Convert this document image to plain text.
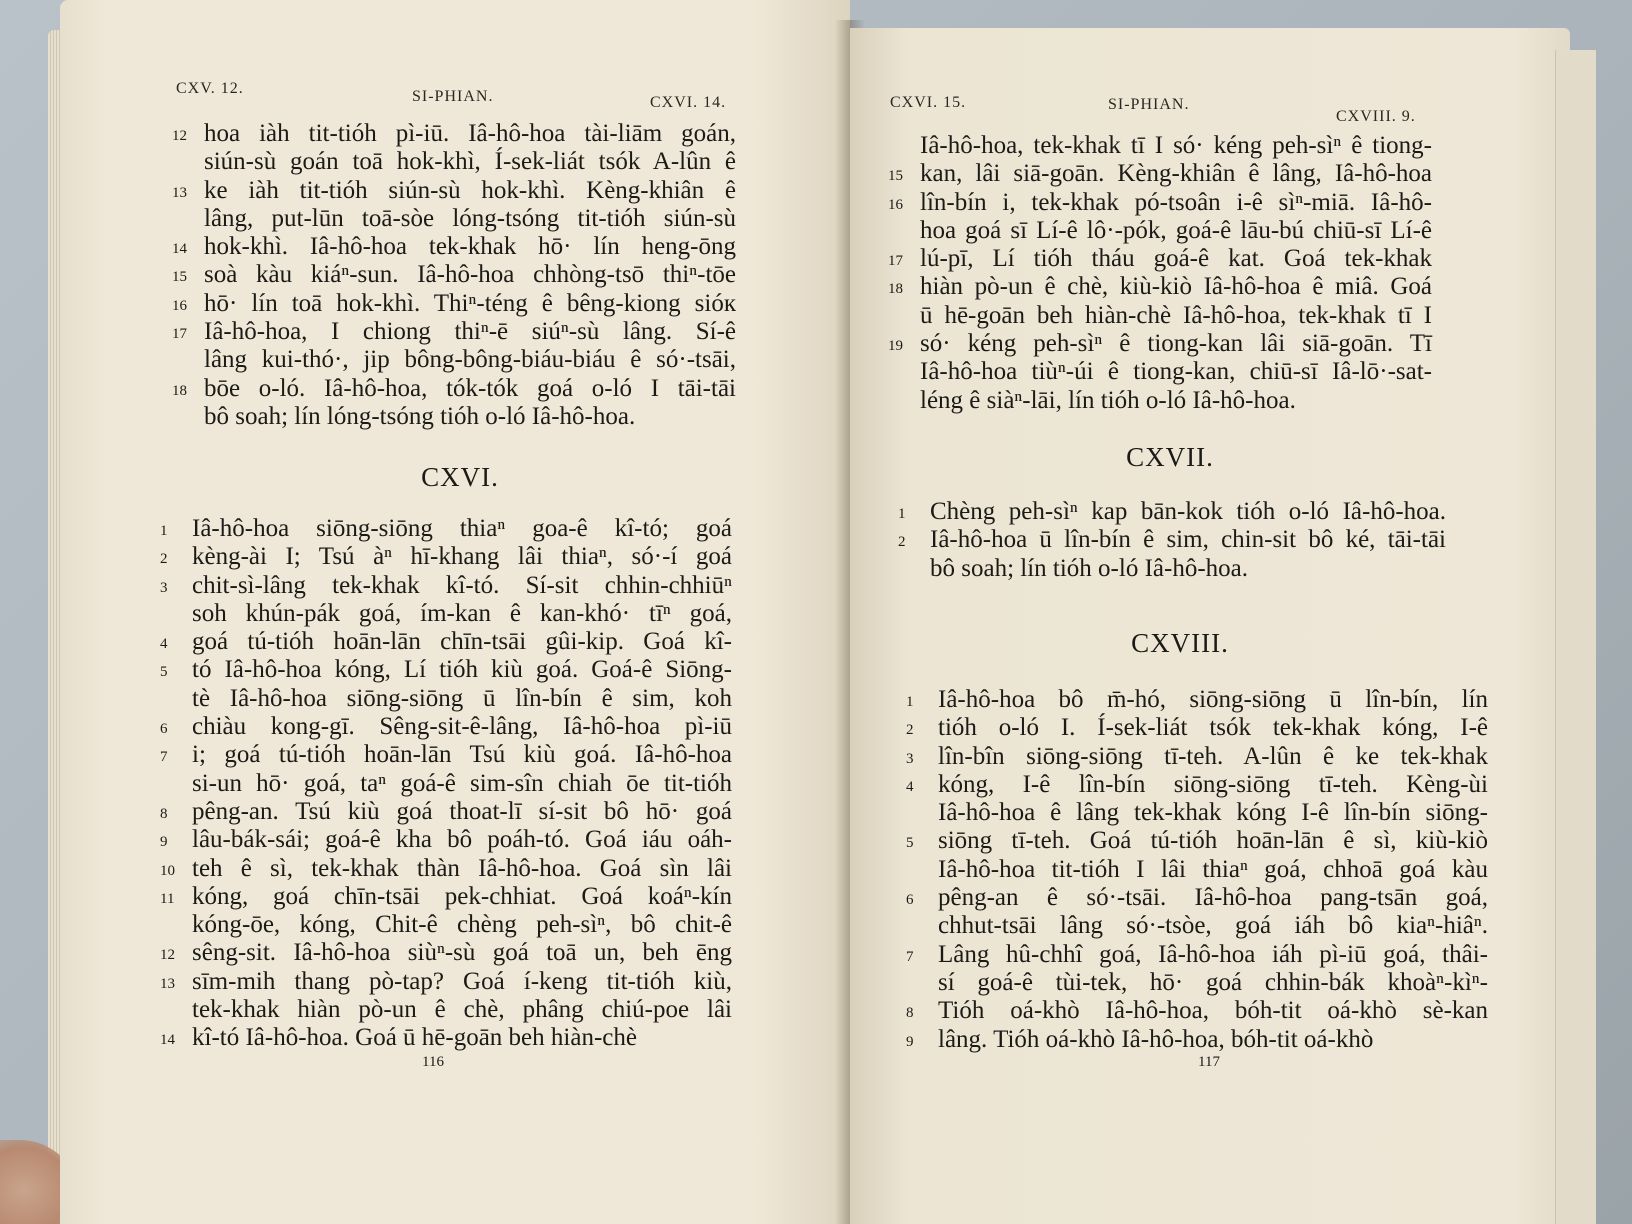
CXV. 12.	SI-PHIAN.	CXVI. 14.
12 hoa iàh tit-tióh pì-iū. Iâ-hô-hoa tài-liām goán,
siún-sù goán toā hok-khì, Í-sek-liát tsók A-lûn ê
13 ke iàh tit-tióh siún-sù hok-khì. Kèng-khiân ê
lâng, put-lūn toā-sòe lóng-tsóng tit-tióh siún-sù
14 hok-khì. Iâ-hô-hoa tek-khak hō· lín heng-ōng
15 soà kàu kiáⁿ-sun. Iâ-hô-hoa chhòng-tsō thiⁿ-tōe
16 hō· lín toā hok-khì. Thiⁿ-téng ê bêng-kiong sióк
17 Iâ-hô-hoa, I chiong thiⁿ-ē siúⁿ-sù lâng. Sí-ê
lâng kui-thó·, jip bông-bông-biáu-biáu ê só·-tsāi,
18 bōe o-ló. Iâ-hô-hoa, tók-tók goá o-ló I tāi-tāi
bô soah; lín lóng-tsóng tióh o-ló Iâ-hô-hoa.
CXVI.
1 Iâ-hô-hoa siōng-siōng thiaⁿ goa-ê kî-tó; goá
2 kèng-ài I; Tsú àⁿ hī-khang lâi thiaⁿ, só·-í goá
3 chit-sì-lâng tek-khak kî-tó. Sí-sit chhin-chhiūⁿ
soh khún-pák goá, ím-kan ê kan-khó· tīⁿ goá,
4 goá tú-tióh hoān-lān chīn-tsāi gûi-kip. Goá kî-
5 tó Iâ-hô-hoa kóng, Lí tióh kiù goá. Goá-ê Siōng-
tè Iâ-hô-hoa siōng-siōng ū lîn-bín ê sim, koh
6 chiàu kong-gī. Sêng-sit-ê-lâng, Iâ-hô-hoa pì-iū
7 i; goá tú-tióh hoān-lān Tsú kiù goá. Iâ-hô-hoa
si-un hō· goá, taⁿ goá-ê sim-sîn chiah ōe tit-tióh
8 pêng-an. Tsú kiù goá thoat-lī sí-sit bô hō· goá
9 lâu-bák-sái; goá-ê kha bô poáh-tó. Goá iáu oáh-
10 teh ê sì, tek-khak thàn Iâ-hô-hoa. Goá sìn lâi
11 kóng, goá chīn-tsāi pek-chhiat. Goá koáⁿ-kín
kóng-ōe, kóng, Chit-ê chèng peh-sìⁿ, bô chit-ê
12 sêng-sit. Iâ-hô-hoa siùⁿ-sù goá toā un, beh ēng
13 sīm-mih thang pò-tap? Goá í-keng tit-tióh kiù,
tek-khak hiàn pò-un ê chè, phâng chiú-poe lâi
14 kî-tó Iâ-hô-hoa. Goá ū hē-goān beh hiàn-chè
116
CXVI. 15.	SI-PHIAN.
CXVIII. 9.
Iâ-hô-hoa, tek-khak tī I só· kéng peh-sìⁿ ê tiong-
15 kan, lâi siā-goān. Kèng-khiân ê lâng, Iâ-hô-hoa
16 lîn-bín i, tek-khak pó-tsoân i-ê sìⁿ-miā. Iâ-hô-
hoa goá sī Lí-ê lô·-pók, goá-ê lāu-bú chiū-sī Lí-ê
17 lú-pī, Lí tióh tháu goá-ê kat. Goá tek-khak
18 hiàn pò-un ê chè, kiù-kiò Iâ-hô-hoa ê miâ. Goá
ū hē-goān beh hiàn-chè Iâ-hô-hoa, tek-khak tī I
19 só· kéng peh-sìⁿ ê tiong-kan lâi siā-goān. Tī
Iâ-hô-hoa tiùⁿ-úi ê tiong-kan, chiū-sī Iâ-lō·-sat-
léng ê siàⁿ-lāi, lín tióh o-ló Iâ-hô-hoa.
CXVII.
1 Chèng peh-sìⁿ kap bān-kok tióh o-ló Iâ-hô-hoa.
2 Iâ-hô-hoa ū lîn-bín ê sim, chin-sit bô ké, tāi-tāi
bô soah; lín tióh o-ló Iâ-hô-hoa.
CXVIII.
1 Iâ-hô-hoa bô m̄-hó, siōng-siōng ū lîn-bín, lín
2 tióh o-ló I. Í-sek-liát tsók tek-khak kóng, I-ê
3 lîn-bîn siōng-siōng tī-teh. A-lûn ê ke tek-khak
4 kóng, I-ê lîn-bín siōng-siōng tī-teh. Kèng-ùi
Iâ-hô-hoa ê lâng tek-khak kóng I-ê lîn-bín siōng-
5 siōng tī-teh. Goá tú-tióh hoān-lān ê sì, kiù-kiò
Iâ-hô-hoa tit-tióh I lâi thiaⁿ goá, chhoā goá kàu
6 pêng-an ê só·-tsāi. Iâ-hô-hoa pang-tsān goá,
chhut-tsāi lâng só·-tsòe, goá iáh bô kiaⁿ-hiâⁿ.
7 Lâng hû-chhî goá, Iâ-hô-hoa iáh pì-iū goá, thâi-
sí goá-ê tùi-tek, hō· goá chhin-bák khoàⁿ-kìⁿ-
8 Tióh oá-khò Iâ-hô-hoa, bóh-tit oá-khò sè-kan
9 lâng. Tióh oá-khò Iâ-hô-hoa, bóh-tit oá-khò
117
